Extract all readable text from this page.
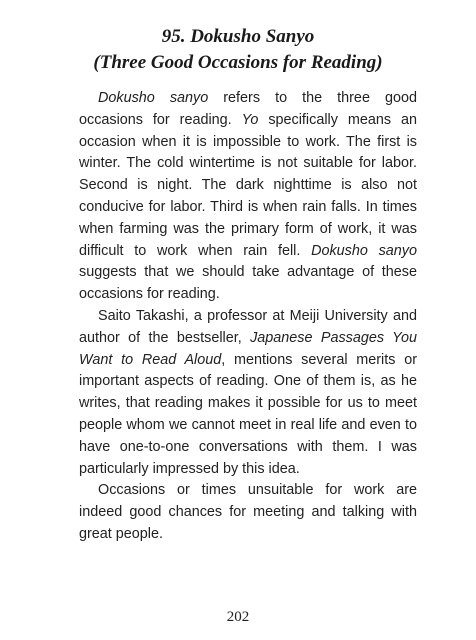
95. Dokusho Sanyo
(Three Good Occasions for Reading)

Dokusho sanyo refers to the three good occasions for reading. Yo specifically means an occasion when it is impossible to work. The first is winter. The cold wintertime is not suitable for labor. Second is night. The dark nighttime is also not conducive for labor. Third is when rain falls. In times when farming was the primary form of work, it was difficult to work when rain fell. Dokusho sanyo suggests that we should take advantage of these occasions for reading.

Saito Takashi, a professor at Meiji University and author of the bestseller, Japanese Passages You Want to Read Aloud, mentions several merits or important aspects of reading. One of them is, as he writes, that reading makes it possible for us to meet people whom we cannot meet in real life and even to have one-to-one conversations with them. I was particularly impressed by this idea.

Occasions or times unsuitable for work are indeed good chances for meeting and talking with great people.

202
